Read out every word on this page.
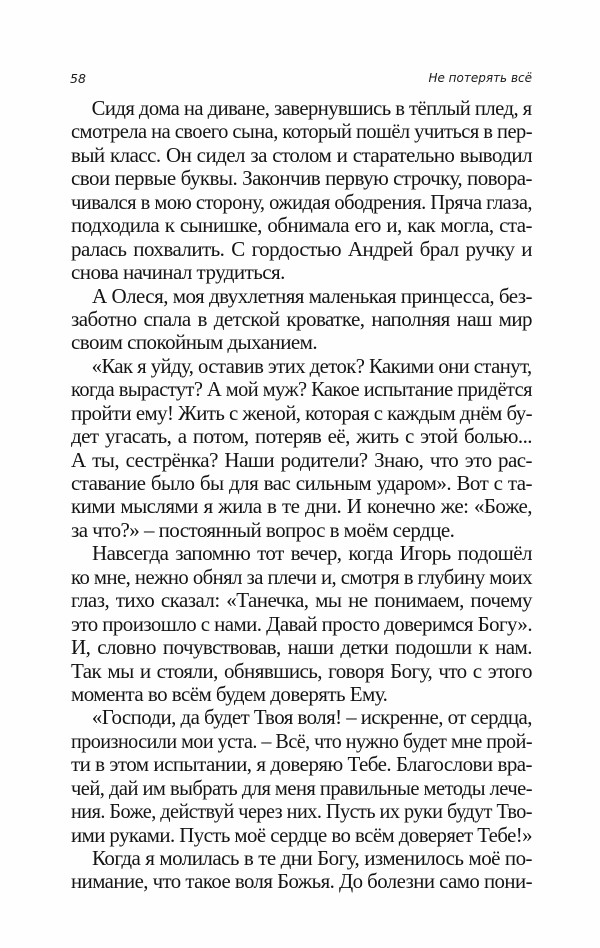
58	Не потерять всё
Сидя дома на диване, завернувшись в тёплый плед, я
смотрела на своего сына, который пошёл учиться в пер-
вый класс. Он сидел за столом и старательно выводил
свои первые буквы. Закончив первую строчку, повора-
чивался в мою сторону, ожидая ободрения. Пряча глаза,
подходила к сынишке, обнимала его и, как могла, ста-
ралась похвалить. С гордостью Андрей брал ручку и
снова начинал трудиться.
А Олеся, моя двухлетняя маленькая принцесса, без-
заботно спала в детской кроватке, наполняя наш мир
своим спокойным дыханием.
«Как я уйду, оставив этих деток? Какими они станут,
когда вырастут? А мой муж? Какое испытание придётся
пройти ему! Жить с женой, которая с каждым днём бу-
дет угасать, а потом, потеряв её, жить с этой болью...
А ты, сестрёнка? Наши родители? Знаю, что это рас-
ставание было бы для вас сильным ударом». Вот с та-
кими мыслями я жила в те дни. И конечно же: «Боже,
за что?» – постоянный вопрос в моём сердце.
Навсегда запомню тот вечер, когда Игорь подошёл
ко мне, нежно обнял за плечи и, смотря в глубину моих
глаз, тихо сказал: «Танечка, мы не понимаем, почему
это произошло с нами. Давай просто доверимся Богу».
И, словно почувствовав, наши детки подошли к нам.
Так мы и стояли, обнявшись, говоря Богу, что с этого
момента во всём будем доверять Ему.
«Господи, да будет Твоя воля! – искренне, от сердца,
произносили мои уста. – Всё, что нужно будет мне прой-
ти в этом испытании, я доверяю Тебе. Благослови вра-
чей, дай им выбрать для меня правильные методы лече-
ния. Боже, действуй через них. Пусть их руки будут Тво-
ими руками. Пусть моё сердце во всём доверяет Тебе!»
Когда я молилась в те дни Богу, изменилось моё по-
нимание, что такое воля Божья. До болезни само пони-
